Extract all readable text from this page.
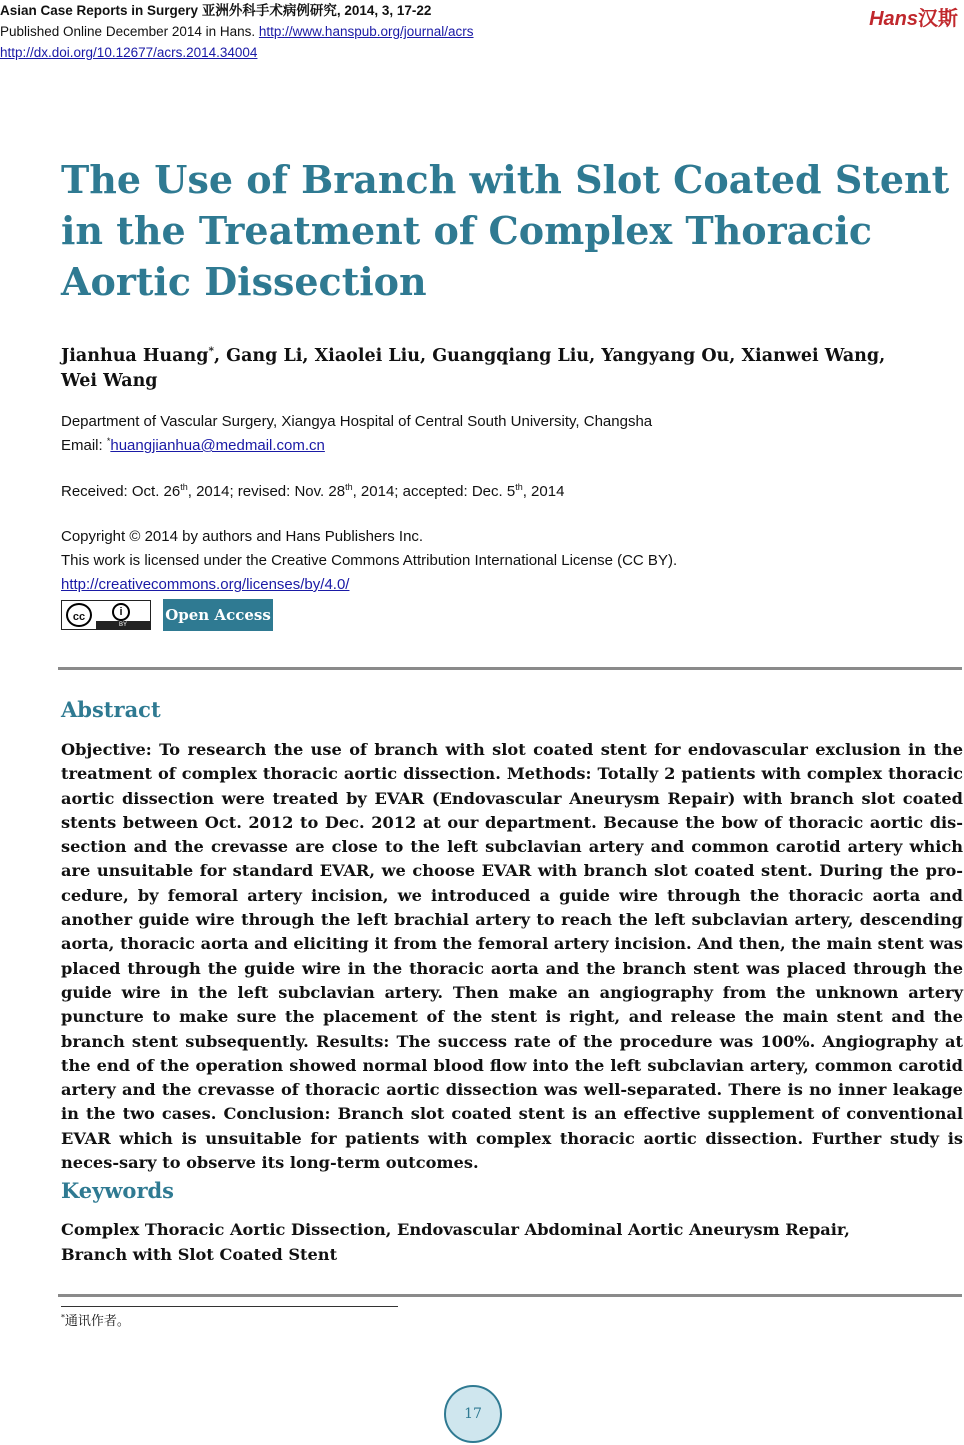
Asian Case Reports in Surgery 亚洲外科手术病例研究, 2014, 3, 17-22
Published Online December 2014 in Hans. http://www.hanspub.org/journal/acrs
http://dx.doi.org/10.12677/acrs.2014.34004
Hans汉斯
The Use of Branch with Slot Coated Stent in the Treatment of Complex Thoracic Aortic Dissection
Jianhua Huang*, Gang Li, Xiaolei Liu, Guangqiang Liu, Yangyang Ou, Xianwei Wang,
Wei Wang
Department of Vascular Surgery, Xiangya Hospital of Central South University, Changsha
Email: *huangjianhua@medmail.com.cn
Received: Oct. 26th, 2014; revised: Nov. 28th, 2014; accepted: Dec. 5th, 2014
Copyright © 2014 by authors and Hans Publishers Inc.
This work is licensed under the Creative Commons Attribution International License (CC BY).
http://creativecommons.org/licenses/by/4.0/
cc	i
BY
Open Access
Abstract

Objective: To research the use of branch with slot coated stent for endovascular exclusion in the treatment of complex thoracic aortic dissection. Methods: Totally 2 patients with complex thoracic aortic dissection were treated by EVAR (Endovascular Aneurysm Repair) with branch slot coated stents between Oct. 2012 to Dec. 2012 at our department. Because the bow of thoracic aortic dis-section and the crevasse are close to the left subclavian artery and common carotid artery which are unsuitable for standard EVAR, we choose EVAR with branch slot coated stent. During the pro-cedure, by femoral artery incision, we introduced a guide wire through the thoracic aorta and another guide wire through the left brachial artery to reach the left subclavian artery, descending aorta, thoracic aorta and eliciting it from the femoral artery incision. And then, the main stent was placed through the guide wire in the thoracic aorta and the branch stent was placed through the guide wire in the left subclavian artery. Then make an angiography from the unknown artery puncture to make sure the placement of the stent is right, and release the main stent and the branch stent subsequently. Results: The success rate of the procedure was 100%. Angiography at the end of the operation showed normal blood flow into the left subclavian artery, common carotid artery and the crevasse of thoracic aortic dissection was well-separated. There is no inner leakage in the two cases. Conclusion: Branch slot coated stent is an effective supplement of conventional EVAR which is unsuitable for patients with complex thoracic aortic dissection. Further study is neces-sary to observe its long-term outcomes.

Keywords
Complex Thoracic Aortic Dissection, Endovascular Abdominal Aortic Aneurysm Repair,
Branch with Slot Coated Stent
*通讯作者。
17
